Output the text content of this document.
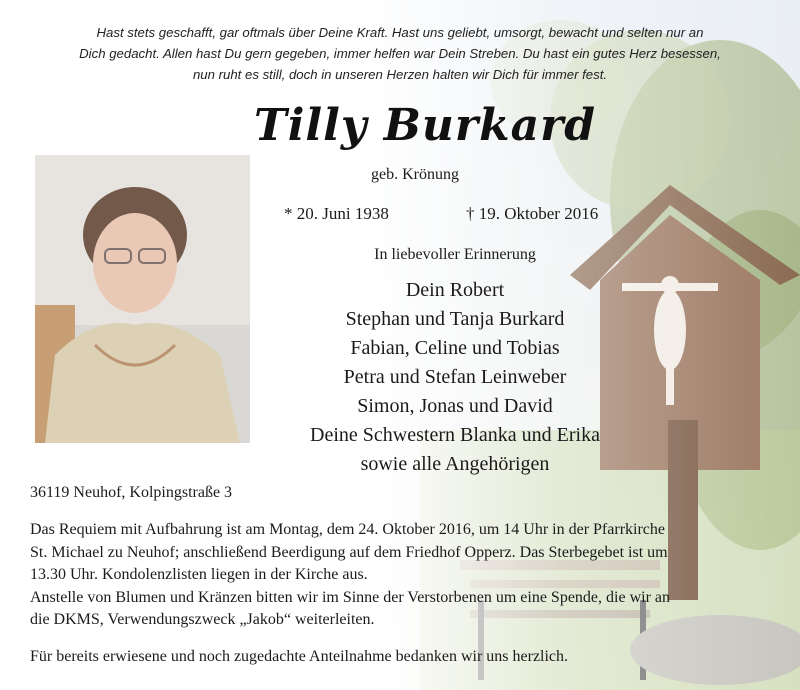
Hast stets geschafft, gar oftmals über Deine Kraft. Hast uns geliebt, umsorgt, bewacht und selten nur an
Dich gedacht. Allen hast Du gern gegeben, immer helfen war Dein Streben. Du hast ein gutes Herz besessen,
nun ruht es still, doch in unseren Herzen halten wir Dich für immer fest.
Tilly Burkard
geb. Krönung
* 20. Juni 1938	† 19. Oktober 2016
In liebevoller Erinnerung
Dein Robert
Stephan und Tanja Burkard
Fabian, Celine und Tobias
Petra und Stefan Leinweber
Simon, Jonas und David
Deine Schwestern Blanka und Erika
sowie alle Angehörigen
36119 Neuhof, Kolpingstraße 3
Das Requiem mit Aufbahrung ist am Montag, dem 24. Oktober 2016, um 14 Uhr in der Pfarrkirche
St. Michael zu Neuhof; anschließend Beerdigung auf dem Friedhof Opperz. Das Sterbegebet ist um
13.30 Uhr. Kondolenzlisten liegen in der Kirche aus.
Anstelle von Blumen und Kränzen bitten wir im Sinne der Verstorbenen um eine Spende, die wir an
die DKMS, Verwendungszweck „Jakob“ weiterleiten.
Für bereits erwiesene und noch zugedachte Anteilnahme bedanken wir uns herzlich.
